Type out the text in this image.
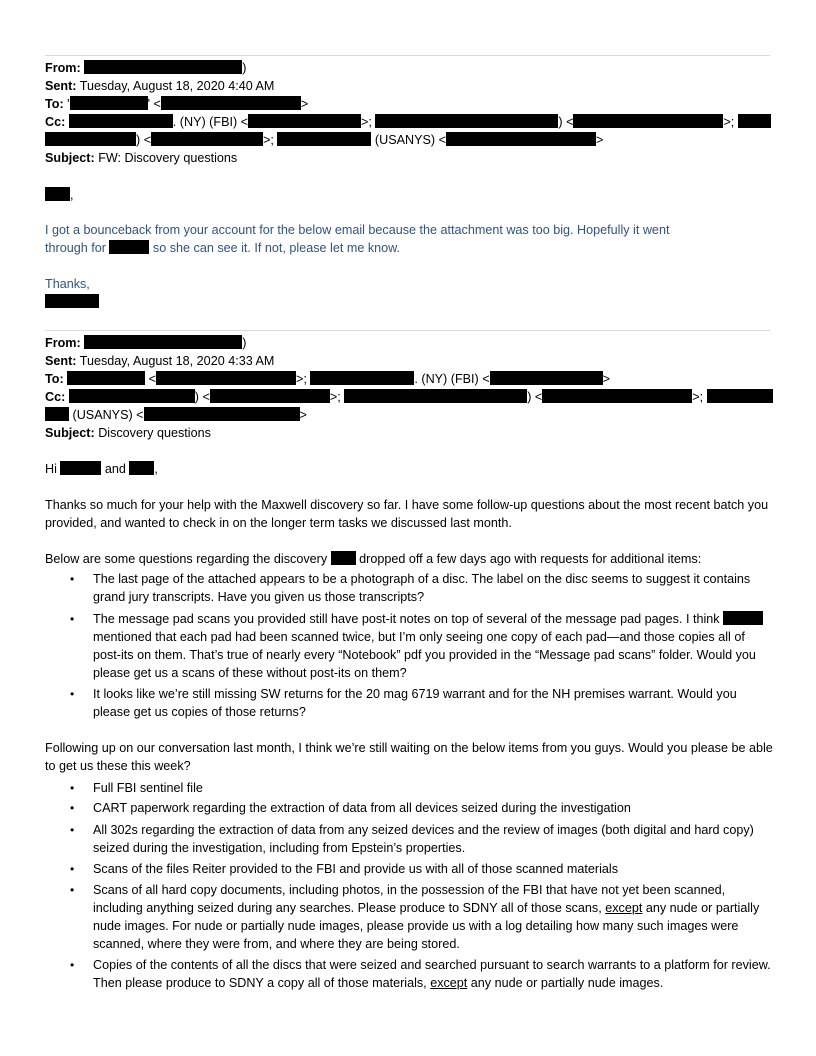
From:	)
Sent: Tuesday, August 18, 2020 4:40 AM
To: '	' <	>
Cc:	. (NY) (FBI) <	>;	) <	>;
) <	>;	(USANYS) <	>
Subject: FW: Discovery questions
,
I got a bounceback from your account for the below email because the attachment was too big. Hopefully it went
through for	so she can see it. If not, please let me know.
Thanks,
From:	)
Sent: Tuesday, August 18, 2020 4:33 AM
To:	<	>;	. (NY) (FBI) <	>
Cc:	) <	>;	) <	>;
(USANYS) <	>
Subject: Discovery questions
Hi	and ,
Thanks so much for your help with the Maxwell discovery so far. I have some follow-up questions about the most recent batch you provided, and wanted to check in on the longer term tasks we discussed last month.
Below are some questions regarding the discovery	dropped off a few days ago with requests for additional items:
• The last page of the attached appears to be a photograph of a disc. The label on the disc seems to suggest it contains grand jury transcripts. Have you given us those transcripts?
• The message pad scans you provided still have post-it notes on top of several of the message pad pages. I think  mentioned that each pad had been scanned twice, but I’m only seeing one copy of each pad—and those copies all of post-its on them. That’s true of nearly every “Notebook” pdf you provided in the “Message pad scans” folder. Would you please get us a scans of these without post-its on them?
• It looks like we’re still missing SW returns for the 20 mag 6719 warrant and for the NH premises warrant. Would you please get us copies of those returns?
Following up on our conversation last month, I think we’re still waiting on the below items from you guys. Would you please be able to get us these this week?
• Full FBI sentinel file
• CART paperwork regarding the extraction of data from all devices seized during the investigation
• All 302s regarding the extraction of data from any seized devices and the review of images (both digital and hard copy) seized during the investigation, including from Epstein’s properties.
• Scans of the files Reiter provided to the FBI and provide us with all of those scanned materials
• Scans of all hard copy documents, including photos, in the possession of the FBI that have not yet been scanned, including anything seized during any searches. Please produce to SDNY all of those scans, except any nude or partially nude images. For nude or partially nude images, please provide us with a log detailing how many such images were scanned, where they were from, and where they are being stored.
• Copies of the contents of all the discs that were seized and searched pursuant to search warrants to a platform for review. Then please produce to SDNY a copy all of those materials, except any nude or partially nude images.
